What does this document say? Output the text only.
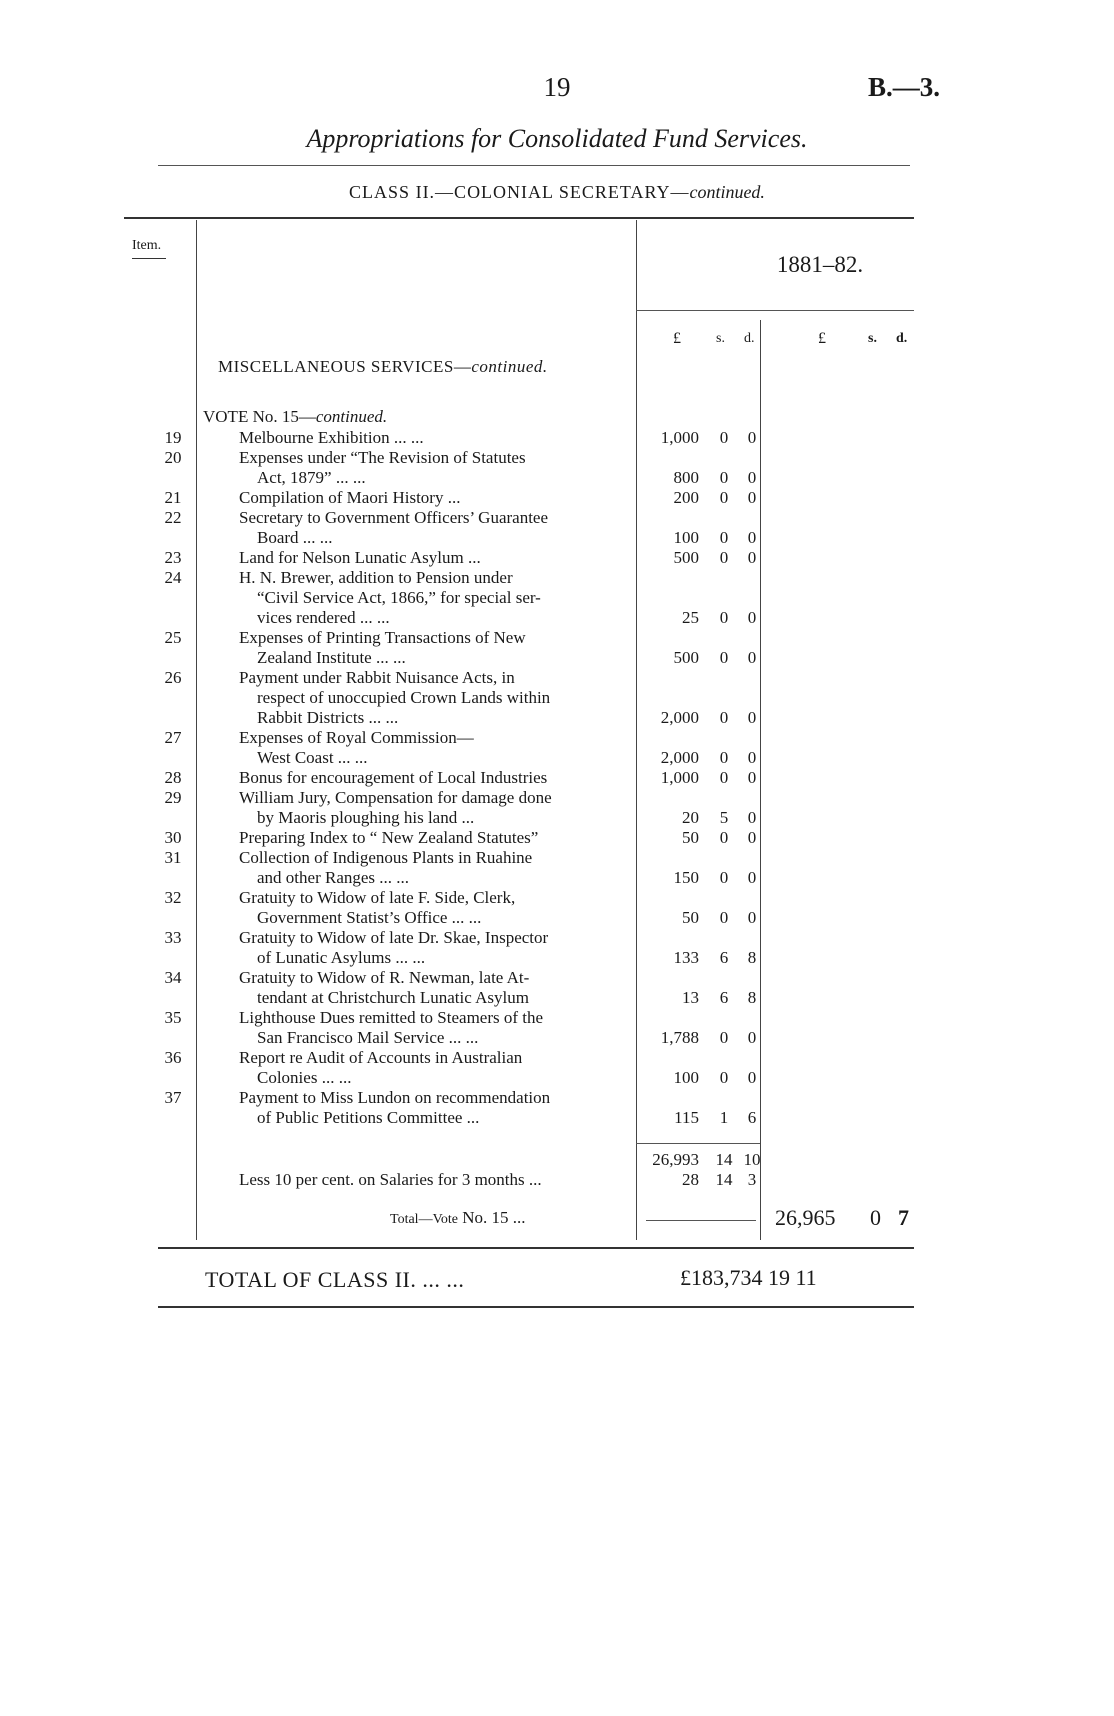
19	B.—3.
Appropriations for Consolidated Fund Services.
CLASS II.—COLONIAL SECRETARY—continued.
Item.
1881–82.
£	s. d.	£	s. d.
MISCELLANEOUS SERVICES—continued.
VOTE No. 15—continued.
19	Melbourne Exhibition ... ...	1,000	0	0
20	Expenses under “The Revision of Statutes
Act, 1879” ... ...	800	0	0
21	Compilation of Maori History ...	200	0	0
22	Secretary to Government Officers’ Guarantee
Board ... ...	100	0	0
23	Land for Nelson Lunatic Asylum ...	500	0	0
24	H. N. Brewer, addition to Pension under
“Civil Service Act, 1866,” for special ser-
vices rendered ... ...	25	0	0
25	Expenses of Printing Transactions of New
Zealand Institute ... ...	500	0	0
26	Payment under Rabbit Nuisance Acts, in
respect of unoccupied Crown Lands within
Rabbit Districts ... ...	2,000	0	0
27	Expenses of Royal Commission—
West Coast ... ...	2,000	0	0
28	Bonus for encouragement of Local Industries	1,000	0	0
29	William Jury, Compensation for damage done
by Maoris ploughing his land ...	20	5	0
30	Preparing Index to “ New Zealand Statutes”	50	0	0
31	Collection of Indigenous Plants in Ruahine
and other Ranges ... ...	150	0	0
32	Gratuity to Widow of late F. Side, Clerk,
Government Statist’s Office ... ...	50	0	0
33	Gratuity to Widow of late Dr. Skae, Inspector
of Lunatic Asylums ... ...	133	6	8
34	Gratuity to Widow of R. Newman, late At-
tendant at Christchurch Lunatic Asylum	13	6	8
35	Lighthouse Dues remitted to Steamers of the
San Francisco Mail Service ... ...	1,788	0	0
36	Report re Audit of Accounts in Australian
Colonies ... ...	100	0	0
37	Payment to Miss Lundon on recommendation
of Public Petitions Committee ...	115	1	6
26,993 14 10
Less 10 per cent. on Salaries for 3 months ...	28 14 3
Total—Vote No. 15 ...	26,965 0 7
TOTAL OF CLASS II. ... ...	£183,734 19 11
